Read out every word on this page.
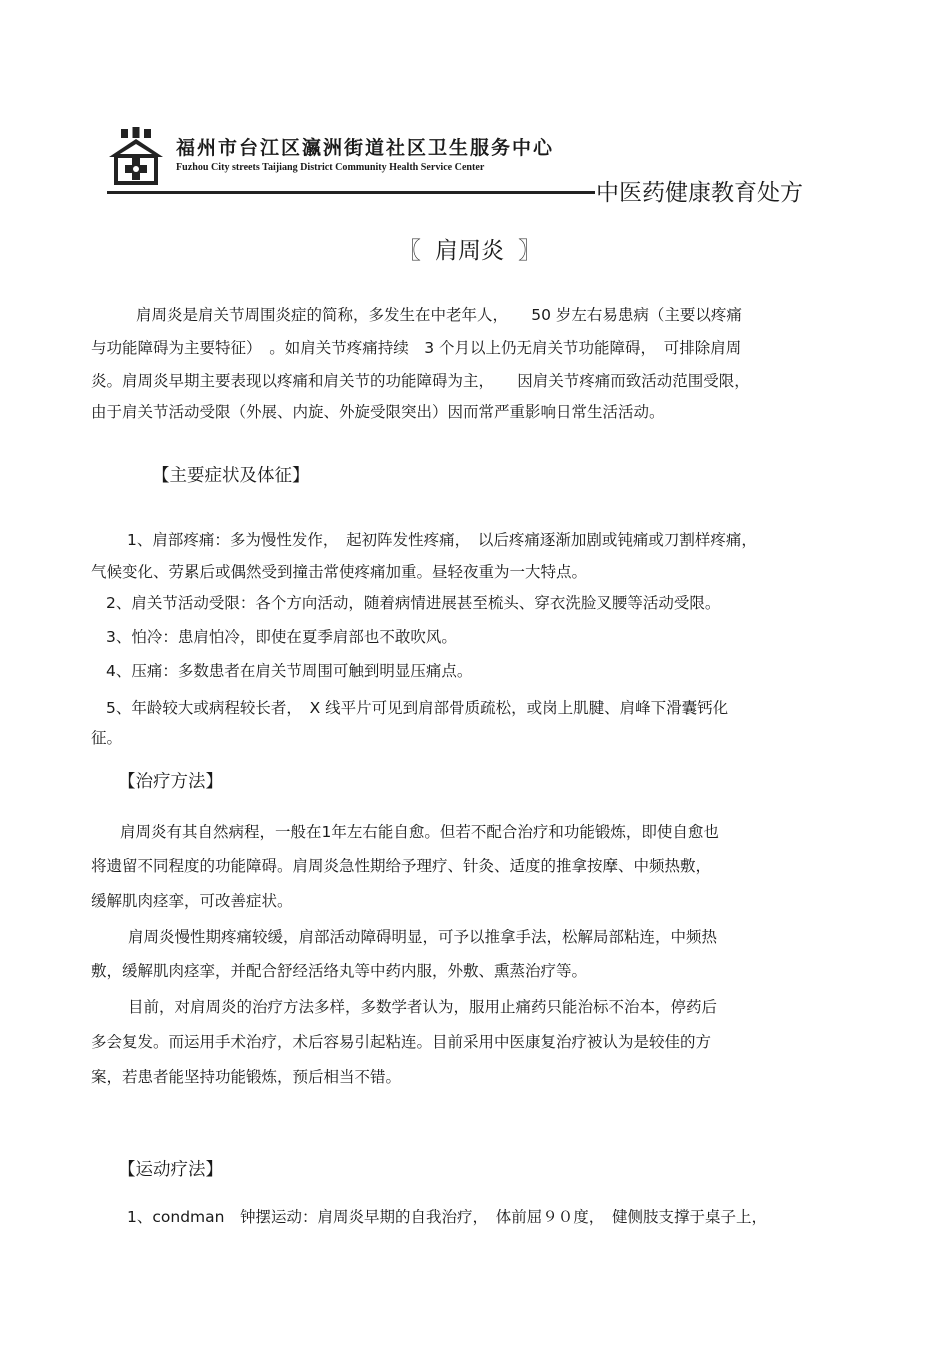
福州市台江区瀛洲街道社区卫生服务中心
Fuzhou City streets Taijiang District Community Health Service Center
中医药健康教育处方
〖 肩周炎 〗
肩周炎是肩关节周围炎症的简称，多发生在中老年人，　　50 岁左右易患病（主要以疼痛
与功能障碍为主要特征）　。如肩关节疼痛持续　3 个月以上仍无肩关节功能障碍，　可排除肩周
炎。肩周炎早期主要表现以疼痛和肩关节的功能障碍为主，　　因肩关节疼痛而致活动范围受限，
由于肩关节活动受限（外展、内旋、外旋受限突出）因而常严重影响日常生活活动。
【主要症状及体征】
1、肩部疼痛：多为慢性发作，　起初阵发性疼痛，　以后疼痛逐渐加剧或钝痛或刀割样疼痛，
气候变化、劳累后或偶然受到撞击常使疼痛加重。昼轻夜重为一大特点。
2、肩关节活动受限：各个方向活动，随着病情进展甚至梳头、穿衣洗脸叉腰等活动受限。
3、怕冷：患肩怕冷，即使在夏季肩部也不敢吹风。
4、压痛：多数患者在肩关节周围可触到明显压痛点。
5、年龄较大或病程较长者，　X 线平片可见到肩部骨质疏松，或岗上肌腱、肩峰下滑囊钙化
征。
【治疗方法】
肩周炎有其自然病程，一般在1年左右能自愈。但若不配合治疗和功能锻炼，即使自愈也
将遗留不同程度的功能障碍。肩周炎急性期给予理疗、针灸、适度的推拿按摩、中频热敷，
缓解肌肉痉挛，可改善症状。
肩周炎慢性期疼痛较缓，肩部活动障碍明显，可予以推拿手法，松解局部粘连，中频热
敷，缓解肌肉痉挛，并配合舒经活络丸等中药内服，外敷、熏蒸治疗等。
目前，对肩周炎的治疗方法多样，多数学者认为，服用止痛药只能治标不治本，停药后
多会复发。而运用手术治疗，术后容易引起粘连。目前采用中医康复治疗被认为是较佳的方
案，若患者能坚持功能锻炼，预后相当不错。
【运动疗法】
1、condman　钟摆运动：肩周炎早期的自我治疗，　体前屈９０度，　健侧肢支撑于桌子上，
